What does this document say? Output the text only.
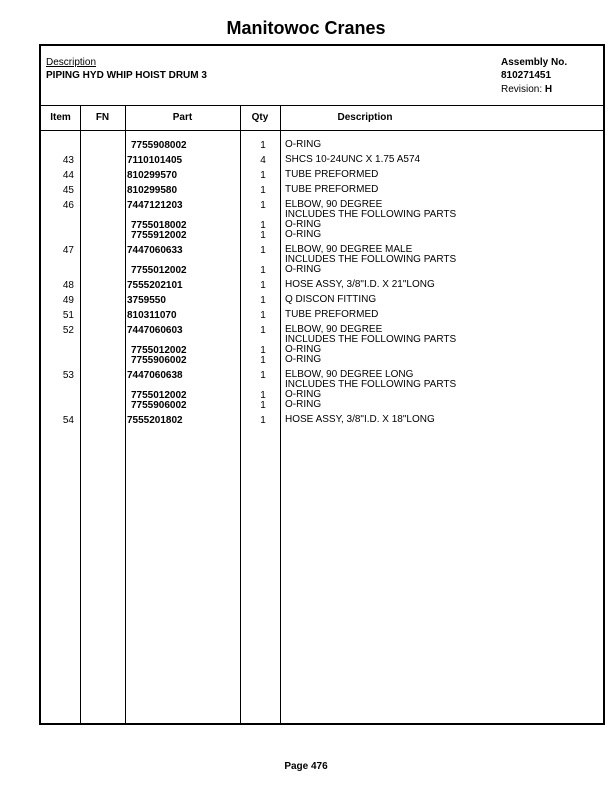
Manitowoc Cranes
Description
PIPING HYD WHIP HOIST DRUM 3
Assembly No.
810271451
Revision: H
Item	FN	Part	Qty	Description
7755908002	1	O-RING
43	7110101405	4	SHCS 10-24UNC X 1.75 A574
44	810299570	1	TUBE PREFORMED
45	810299580	1	TUBE PREFORMED
46	7447121203	1	ELBOW, 90 DEGREE
INCLUDES THE FOLLOWING PARTS
7755018002	1	O-RING
7755912002	1	O-RING
47	7447060633	1	ELBOW, 90 DEGREE MALE
INCLUDES THE FOLLOWING PARTS
7755012002	1	O-RING
48	7555202101	1	HOSE ASSY, 3/8"I.D. X 21"LONG
49	3759550	1	Q DISCON FITTING
51	810311070	1	TUBE PREFORMED
52	7447060603	1	ELBOW, 90 DEGREE
INCLUDES THE FOLLOWING PARTS
7755012002	1	O-RING
7755906002	1	O-RING
53	7447060638	1	ELBOW, 90 DEGREE LONG
INCLUDES THE FOLLOWING PARTS
7755012002	1	O-RING
7755906002	1	O-RING
54	7555201802	1	HOSE ASSY, 3/8"I.D. X 18"LONG
Page 476
